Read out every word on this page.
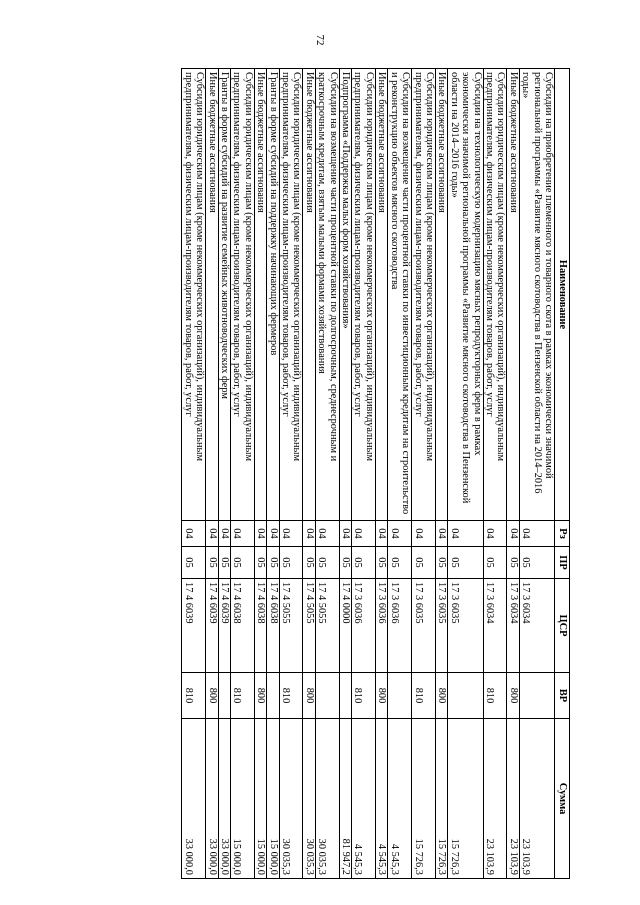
72
Наименование	Рз	ПР	ЦСР	ВР	Сумма
Субсидии на приобретение племенного и товарного скота в рамках экономически значимой региональной программы «Развитие мясного скотоводства в Пензенской области на 2014–2016 годы»	04	05	17 3 6034		23 103,9
Иные бюджетные ассигнования	04	05	17 3 6034	800	23 103,9
Субсидии юридическим лицам (кроме некоммерческих организаций), индивидуальным предпринимателям, физическим лицам-производителям товаров, работ, услуг	04	05	17 3 6034	810	23 103,9
Субсидии на технологическую модернизацию мясных репродукторных ферм в рамках экономически значимой региональной программы «Развитие мясного скотоводства в Пензенской области на 2014–2016 годы»	04	05	17 3 6035		15 726,3
Иные бюджетные ассигнования	04	05	17 3 6035	800	15 726,3
Субсидии юридическим лицам (кроме некоммерческих организаций), индивидуальным предпринимателям, физическим лицам-производителям товаров, работ, услуг	04	05	17 3 6035	810	15 726,3
Субсидии на возмещение части процентной ставки по инвестиционным кредитам на строительство и реконструкцию объектов мясного скотоводства	04	05	17 3 6036		4 545,3
Иные бюджетные ассигнования	04	05	17 3 6036	800	4 545,3
Субсидии юридическим лицам (кроме некоммерческих организаций), индивидуальным предпринимателям, физическим лицам-производителям товаров, работ, услуг	04	05	17 3 6036	810	4 545,3
Подпрограмма «Поддержка малых форм хозяйствования»	04	05	17 4 0000		81 947,2
Субсидии на возмещение части процентной ставки по долгосрочным, среднесрочным и краткосрочным кредитам, взятым малыми формами хозяйствования	04	05	17 4 5055		30 035,3
Иные бюджетные ассигнования	04	05	17 4 5055	800	30 035,3
Субсидии юридическим лицам (кроме некоммерческих организаций), индивидуальным предпринимателям, физическим лицам-производителям товаров, работ, услуг	04	05	17 4 5055	810	30 035,3
Гранты в форме субсидий на поддержку начинающих фермеров	04	05	17 4 6038		15 000,0
Иные бюджетные ассигнования	04	05	17 4 6038	800	15 000,0
Субсидии юридическим лицам (кроме некоммерческих организаций), индивидуальным предпринимателям, физическим лицам-производителям товаров, работ, услуг	04	05	17 4 6038	810	15 000,0
Гранты в форме субсидий на развитие семейных животноводческих ферм	04	05	17 4 6039		33 000,0
Иные бюджетные ассигнования	04	05	17 4 6039	800	33 000,0
Субсидии юридическим лицам (кроме некоммерческих организаций), индивидуальным предпринимателям, физическим лицам-производителям товаров, работ, услуг	04	05	17 4 6039	810	33 000,0
